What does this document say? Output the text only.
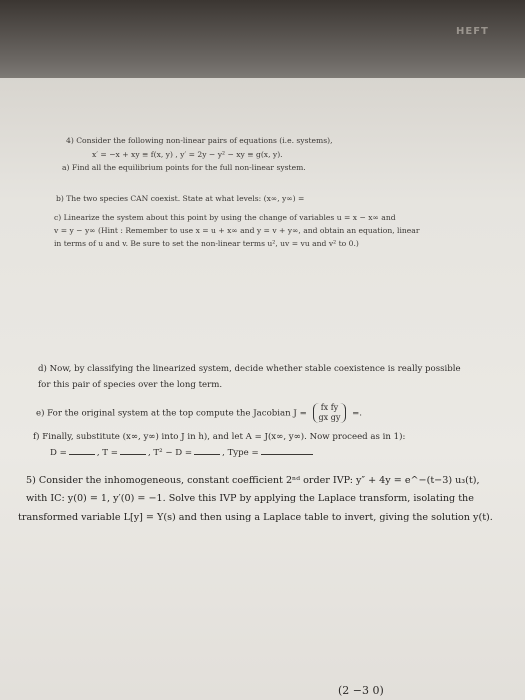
HEFT
4) Consider the following non-linear pairs of equations (i.e. systems),
x′ = −x + xy ≡ f(x, y) , y′ = 2y − y² − xy ≡ g(x, y).
a) Find all the equilibrium points for the full non-linear system.
b) The two species CAN coexist. State at what levels: (x∞, y∞) =
c) Linearize the system about this point by using the change of variables u = x − x∞ and
v = y − y∞ (Hint : Remember to use x = u + x∞ and y = v + y∞, and obtain an equation, linear
in terms of u and v. Be sure to set the non-linear terms u², uv = vu and v² to 0.)
d) Now, by classifying the linearized system, decide whether stable coexistence is really possible
for this pair of species over the long term.
e) For the original system at the top compute the Jacobian J = fx fy
gx gy =.
f) Finally, substitute (x∞, y∞) into J in h), and let A = J(x∞, y∞). Now proceed as in 1):
D =	, T =	, T² − D =	, Type =
5) Consider the inhomogeneous, constant coefficient 2ⁿᵈ order IVP: y″ + 4y = e^−(t−3) u₃(t),
with IC: y(0) = 1, y′(0) = −1. Solve this IVP by applying the Laplace transform, isolating the
transformed variable L[y] = Y(s) and then using a Laplace table to invert, giving the solution y(t).
(2 −3 0)
